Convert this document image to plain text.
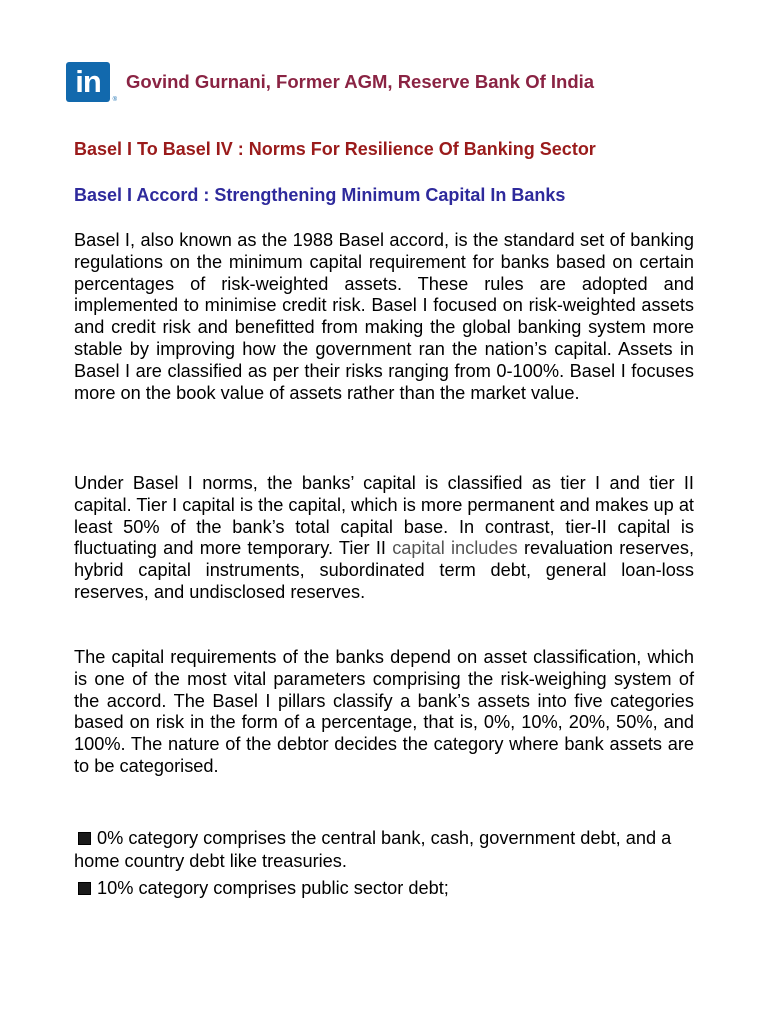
in
®
Govind Gurnani, Former AGM, Reserve Bank Of India
Basel I To Basel IV : Norms For Resilience Of Banking Sector
Basel I Accord : Strengthening Minimum Capital In Banks

Basel I, also known as the 1988 Basel accord, is the standard set of banking regulations on the minimum capital requirement for banks based on certain percentages of risk-weighted assets. These rules are adopted and implemented to minimise credit risk. Basel I focused on risk-weighted assets and credit risk and benefitted from making the global banking system more stable by improving how the government ran the nation’s capital. Assets in Basel I are classified as per their risks ranging from 0-100%. Basel I focuses more on the book value of assets rather than the market value.

Under Basel I norms, the banks’ capital is classified as tier I and tier II capital. Tier I capital is the capital, which is more permanent and makes up at least 50% of the bank’s total capital base. In contrast, tier-II capital is fluctuating and more temporary. Tier II capital includes revaluation reserves, hybrid capital instruments, subordinated term debt, general loan-loss reserves, and undisclosed reserves.

The capital requirements of the banks depend on asset classification, which is one of the most vital parameters comprising the risk-weighing system of the accord. The Basel I pillars classify a bank’s assets into five categories based on risk in the form of a percentage, that is, 0%, 10%, 20%, 50%, and 100%. The nature of the debtor decides the category where bank assets are to be categorised.

0% category comprises the central bank, cash, government debt, and a home country debt like treasuries.
10% category comprises public sector debt;
